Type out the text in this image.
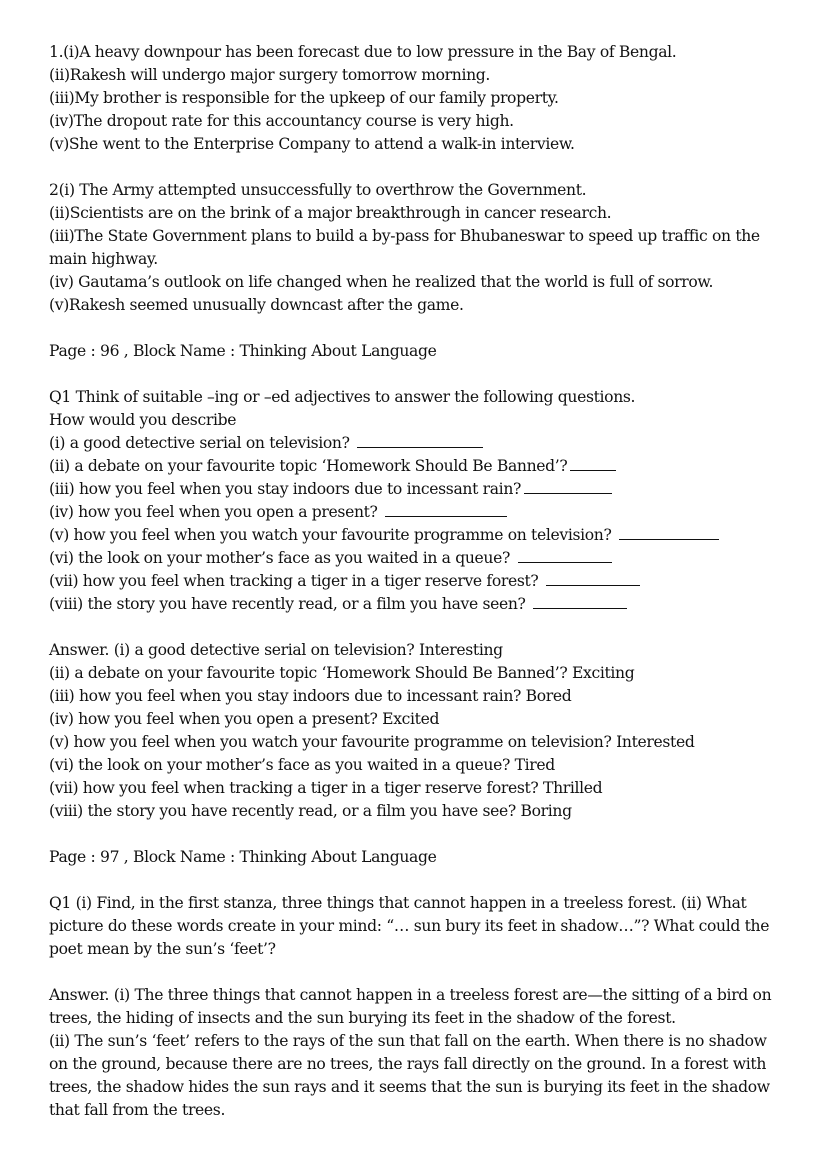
1.(i)A heavy downpour has been forecast due to low pressure in the Bay of Bengal.
(ii)Rakesh will undergo major surgery tomorrow morning.
(iii)My brother is responsible for the upkeep of our family property.
(iv)The dropout rate for this accountancy course is very high.
(v)She went to the Enterprise Company to attend a walk-in interview.
2(i) The Army attempted unsuccessfully to overthrow the Government.
(ii)Scientists are on the brink of a major breakthrough in cancer research.
(iii)The State Government plans to build a by-pass for Bhubaneswar to speed up traffic on the main highway.
(iv) Gautama’s outlook on life changed when he realized that the world is full of sorrow.
(v)Rakesh seemed unusually downcast after the game.
Page : 96 , Block Name : Thinking About Language
Q1 Think of suitable –ing or –ed adjectives to answer the following questions.
How would you describe
(i) a good detective serial on television?
(ii) a debate on your favourite topic ‘Homework Should Be Banned’?
(iii) how you feel when you stay indoors due to incessant rain?
(iv) how you feel when you open a present?
(v) how you feel when you watch your favourite programme on television?
(vi) the look on your mother’s face as you waited in a queue?
(vii) how you feel when tracking a tiger in a tiger reserve forest?
(viii) the story you have recently read, or a film you have seen?
Answer. (i) a good detective serial on television? Interesting
(ii) a debate on your favourite topic ‘Homework Should Be Banned’? Exciting
(iii) how you feel when you stay indoors due to incessant rain? Bored
(iv) how you feel when you open a present? Excited
(v) how you feel when you watch your favourite programme on television? Interested
(vi) the look on your mother’s face as you waited in a queue? Tired
(vii) how you feel when tracking a tiger in a tiger reserve forest? Thrilled
(viii) the story you have recently read, or a film you have see? Boring
Page : 97 , Block Name : Thinking About Language
Q1 (i) Find, in the first stanza, three things that cannot happen in a treeless forest. (ii) What picture do these words create in your mind: “… sun bury its feet in shadow…”? What could the poet mean by the sun’s ‘feet’?
Answer. (i) The three things that cannot happen in a treeless forest are—the sitting of a bird on trees, the hiding of insects and the sun burying its feet in the shadow of the forest.
(ii) The sun’s ‘feet’ refers to the rays of the sun that fall on the earth. When there is no shadow on the ground, because there are no trees, the rays fall directly on the ground. In a forest with trees, the shadow hides the sun rays and it seems that the sun is burying its feet in the shadow that fall from the trees.
